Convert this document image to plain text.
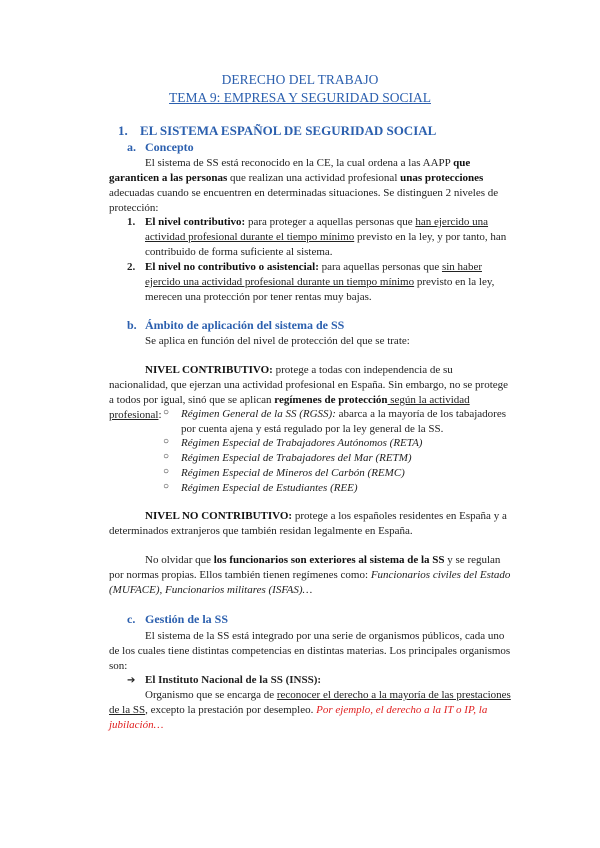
DERECHO DEL TRABAJO
TEMA 9: EMPRESA Y SEGURIDAD SOCIAL
1. EL SISTEMA ESPAÑOL DE SEGURIDAD SOCIAL
a. Concepto
El sistema de SS está reconocido en la CE, la cual ordena a las AAPP que garanticen a las personas que realizan una actividad profesional unas protecciones adecuadas cuando se encuentren en determinadas situaciones. Se distinguen 2 niveles de protección:
1. El nivel contributivo: para proteger a aquellas personas que han ejercido una actividad profesional durante el tiempo mínimo previsto en la ley, y por tanto, han contribuido de forma suficiente al sistema.
2. El nivel no contributivo o asistencial: para aquellas personas que sin haber ejercido una actividad profesional durante un tiempo mínimo previsto en la ley, merecen una protección por tener rentas muy bajas.
b. Ámbito de aplicación del sistema de SS
Se aplica en función del nivel de protección del que se trate:
NIVEL CONTRIBUTIVO: protege a todas con independencia de su nacionalidad, que ejerzan una actividad profesional en España. Sin embargo, no se protege a todos por igual, sinó que se aplican regímenes de protección según la actividad profesional: ○ Régimen General de la SS (RGSS): abarca a la mayoría de los tabajadores por cuenta ajena y está regulado por la ley general de la SS.
○ Régimen Especial de Trabajadores Autónomos (RETA)
○ Régimen Especial de Trabajadores del Mar (RETM)
○ Régimen Especial de Mineros del Carbón (REMC)
○ Régimen Especial de Estudiantes (REE)
NIVEL NO CONTRIBUTIVO: protege a los españoles residentes en España y a determinados extranjeros que también residan legalmente en España.
No olvidar que los funcionarios son exteriores al sistema de la SS y se regulan por normas propias. Ellos también tienen regímenes como: Funcionarios civiles del Estado (MUFACE), Funcionarios militares (ISFAS)…
c. Gestión de la SS
El sistema de la SS está integrado por una serie de organismos públicos, cada uno de los cuales tiene distintas competencias en distintas materias. Los principales organismos son:
➔ El Instituto Nacional de la SS (INSS):
Organismo que se encarga de reconocer el derecho a la mayoría de las prestaciones de la SS, excepto la prestación por desempleo. Por ejemplo, el derecho a la IT o IP, la jubilación…
